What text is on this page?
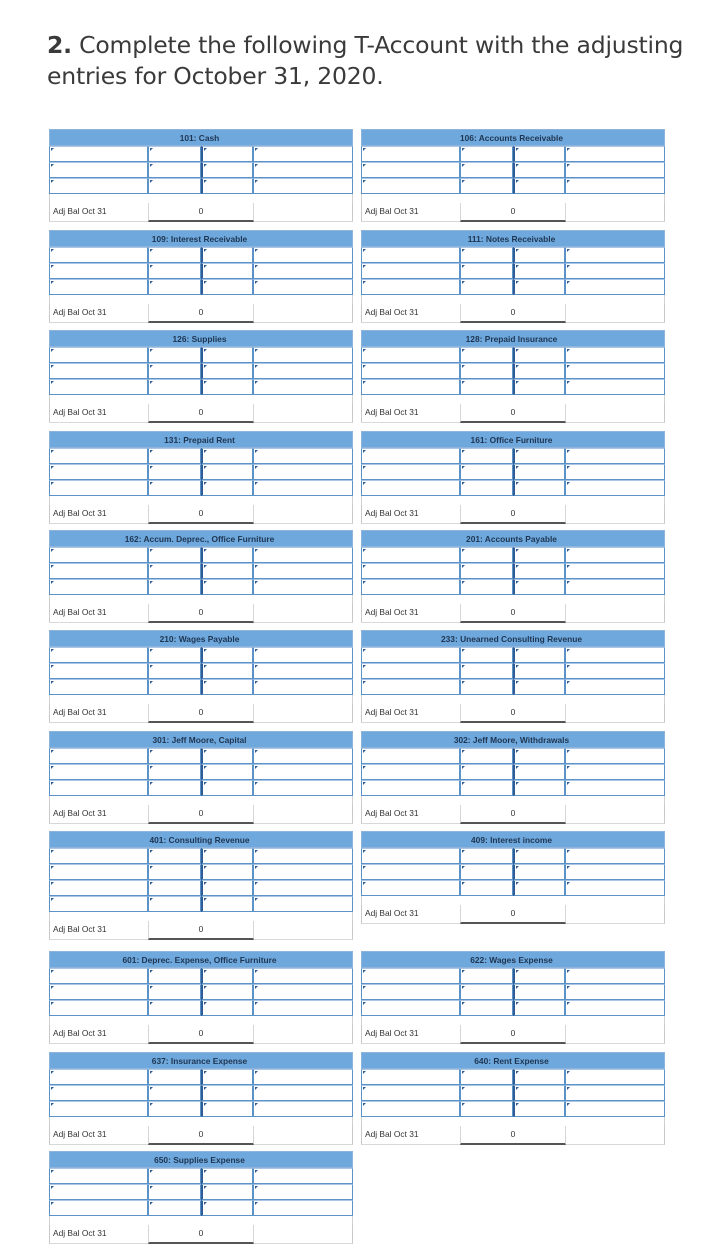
2. Complete the following T-Account with the adjusting entries for October 31, 2020.
101: Cash
Adj Bal Oct 31	0
106: Accounts Receivable
Adj Bal Oct 31	0
109: Interest Receivable
Adj Bal Oct 31	0
111: Notes Receivable
Adj Bal Oct 31	0
126: Supplies
Adj Bal Oct 31	0
128: Prepaid Insurance
Adj Bal Oct 31	0
131: Prepaid Rent
Adj Bal Oct 31	0
161: Office Furniture
Adj Bal Oct 31	0
162: Accum. Deprec., Office Furniture
Adj Bal Oct 31	0
201: Accounts Payable
Adj Bal Oct 31	0
210: Wages Payable
Adj Bal Oct 31	0
233: Unearned Consulting Revenue
Adj Bal Oct 31	0
301: Jeff Moore, Capital
Adj Bal Oct 31	0
302: Jeff Moore, Withdrawals
Adj Bal Oct 31	0
401: Consulting Revenue
Adj Bal Oct 31	0
409: Interest income
Adj Bal Oct 31	0
601: Deprec. Expense, Office Furniture
Adj Bal Oct 31	0
622: Wages Expense
Adj Bal Oct 31	0
637: Insurance Expense
Adj Bal Oct 31	0
640: Rent Expense
Adj Bal Oct 31	0
650: Supplies Expense
Adj Bal Oct 31	0
